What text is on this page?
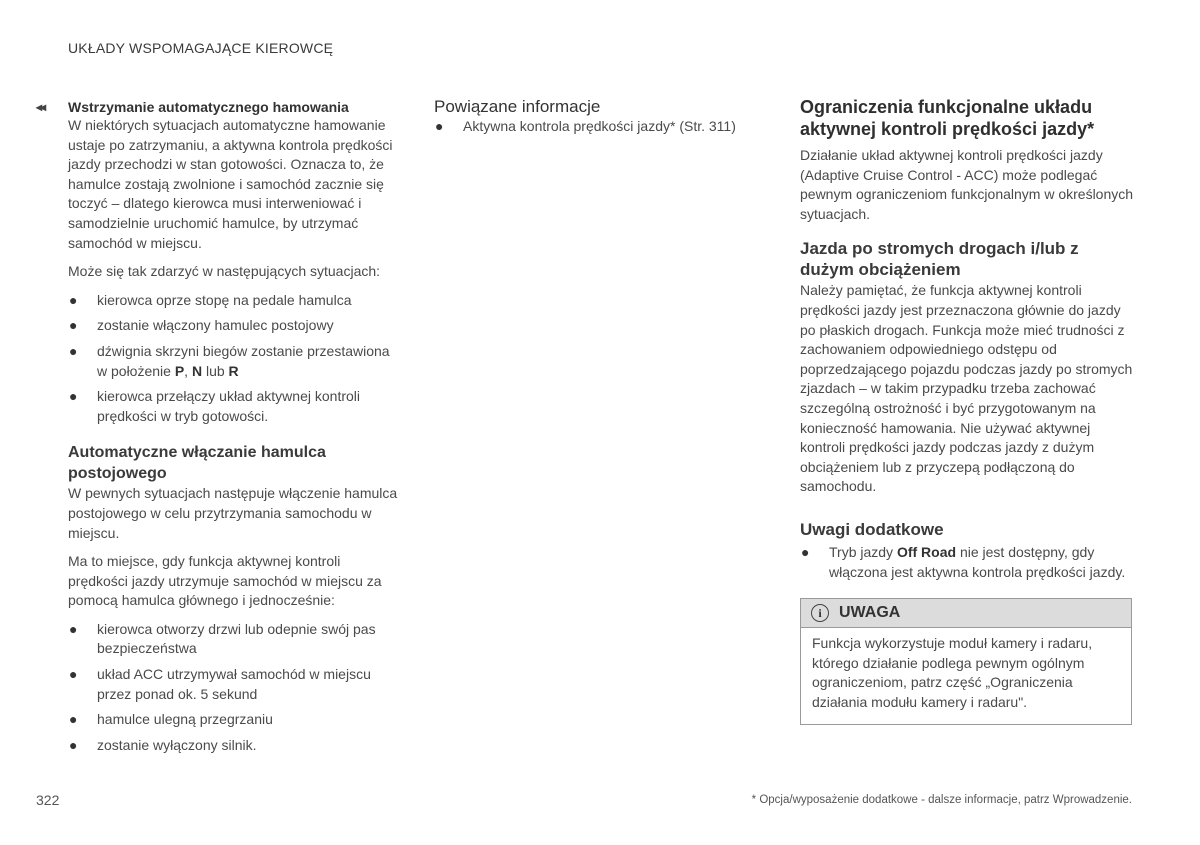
UKŁADY WSPOMAGAJĄCE KIEROWCĘ
◂◂ Wstrzymanie automatycznego hamowania

W niektórych sytuacjach automatyczne hamowanie ustaje po zatrzymaniu, a aktywna kontrola prędkości jazdy przechodzi w stan gotowości. Oznacza to, że hamulce zostają zwolnione i samochód zacznie się toczyć – dlatego kierowca musi interweniować i samodzielnie uruchomić hamulce, by utrzymać samochód w miejscu.

Może się tak zdarzyć w następujących sytuacjach:

● kierowca oprze stopę na pedale hamulca
● zostanie włączony hamulec postojowy
● dźwignia skrzyni biegów zostanie przestawiona w położenie P, N lub R
● kierowca przełączy układ aktywnej kontroli prędkości w tryb gotowości.
Automatyczne włączanie hamulca postojowego

W pewnych sytuacjach następuje włączenie hamulca postojowego w celu przytrzymania samochodu w miejscu.

Ma to miejsce, gdy funkcja aktywnej kontroli prędkości jazdy utrzymuje samochód w miejscu za pomocą hamulca głównego i jednocześnie:

● kierowca otworzy drzwi lub odepnie swój pas bezpieczeństwa
● układ ACC utrzymywał samochód w miejscu przez ponad ok. 5 sekund
● hamulce ulegną przegrzaniu
● zostanie wyłączony silnik.
Powiązane informacje
● Aktywna kontrola prędkości jazdy* (Str. 311)
Ograniczenia funkcjonalne układu aktywnej kontroli prędkości jazdy*

Działanie układ aktywnej kontroli prędkości jazdy (Adaptive Cruise Control - ACC) może podlegać pewnym ograniczeniom funkcjonalnym w określonych sytuacjach.

Jazda po stromych drogach i/lub z dużym obciążeniem

Należy pamiętać, że funkcja aktywnej kontroli prędkości jazdy jest przeznaczona głównie do jazdy po płaskich drogach. Funkcja może mieć trudności z zachowaniem odpowiedniego odstępu od poprzedzającego pojazdu podczas jazdy po stromych zjazdach – w takim przypadku trzeba zachować szczególną ostrożność i być przygotowanym na konieczność hamowania. Nie używać aktywnej kontroli prędkości jazdy podczas jazdy z dużym obciążeniem lub z przyczepą podłączoną do samochodu.

Uwagi dodatkowe
● Tryb jazdy Off Road nie jest dostępny, gdy włączona jest aktywna kontrola prędkości jazdy.
i	UWAGA

Funkcja wykorzystuje moduł kamery i radaru, którego działanie podlega pewnym ogólnym ograniczeniom, patrz część „Ograniczenia działania modułu kamery i radaru".

322	* Opcja/wyposażenie dodatkowe - dalsze informacje, patrz Wprowadzenie.
